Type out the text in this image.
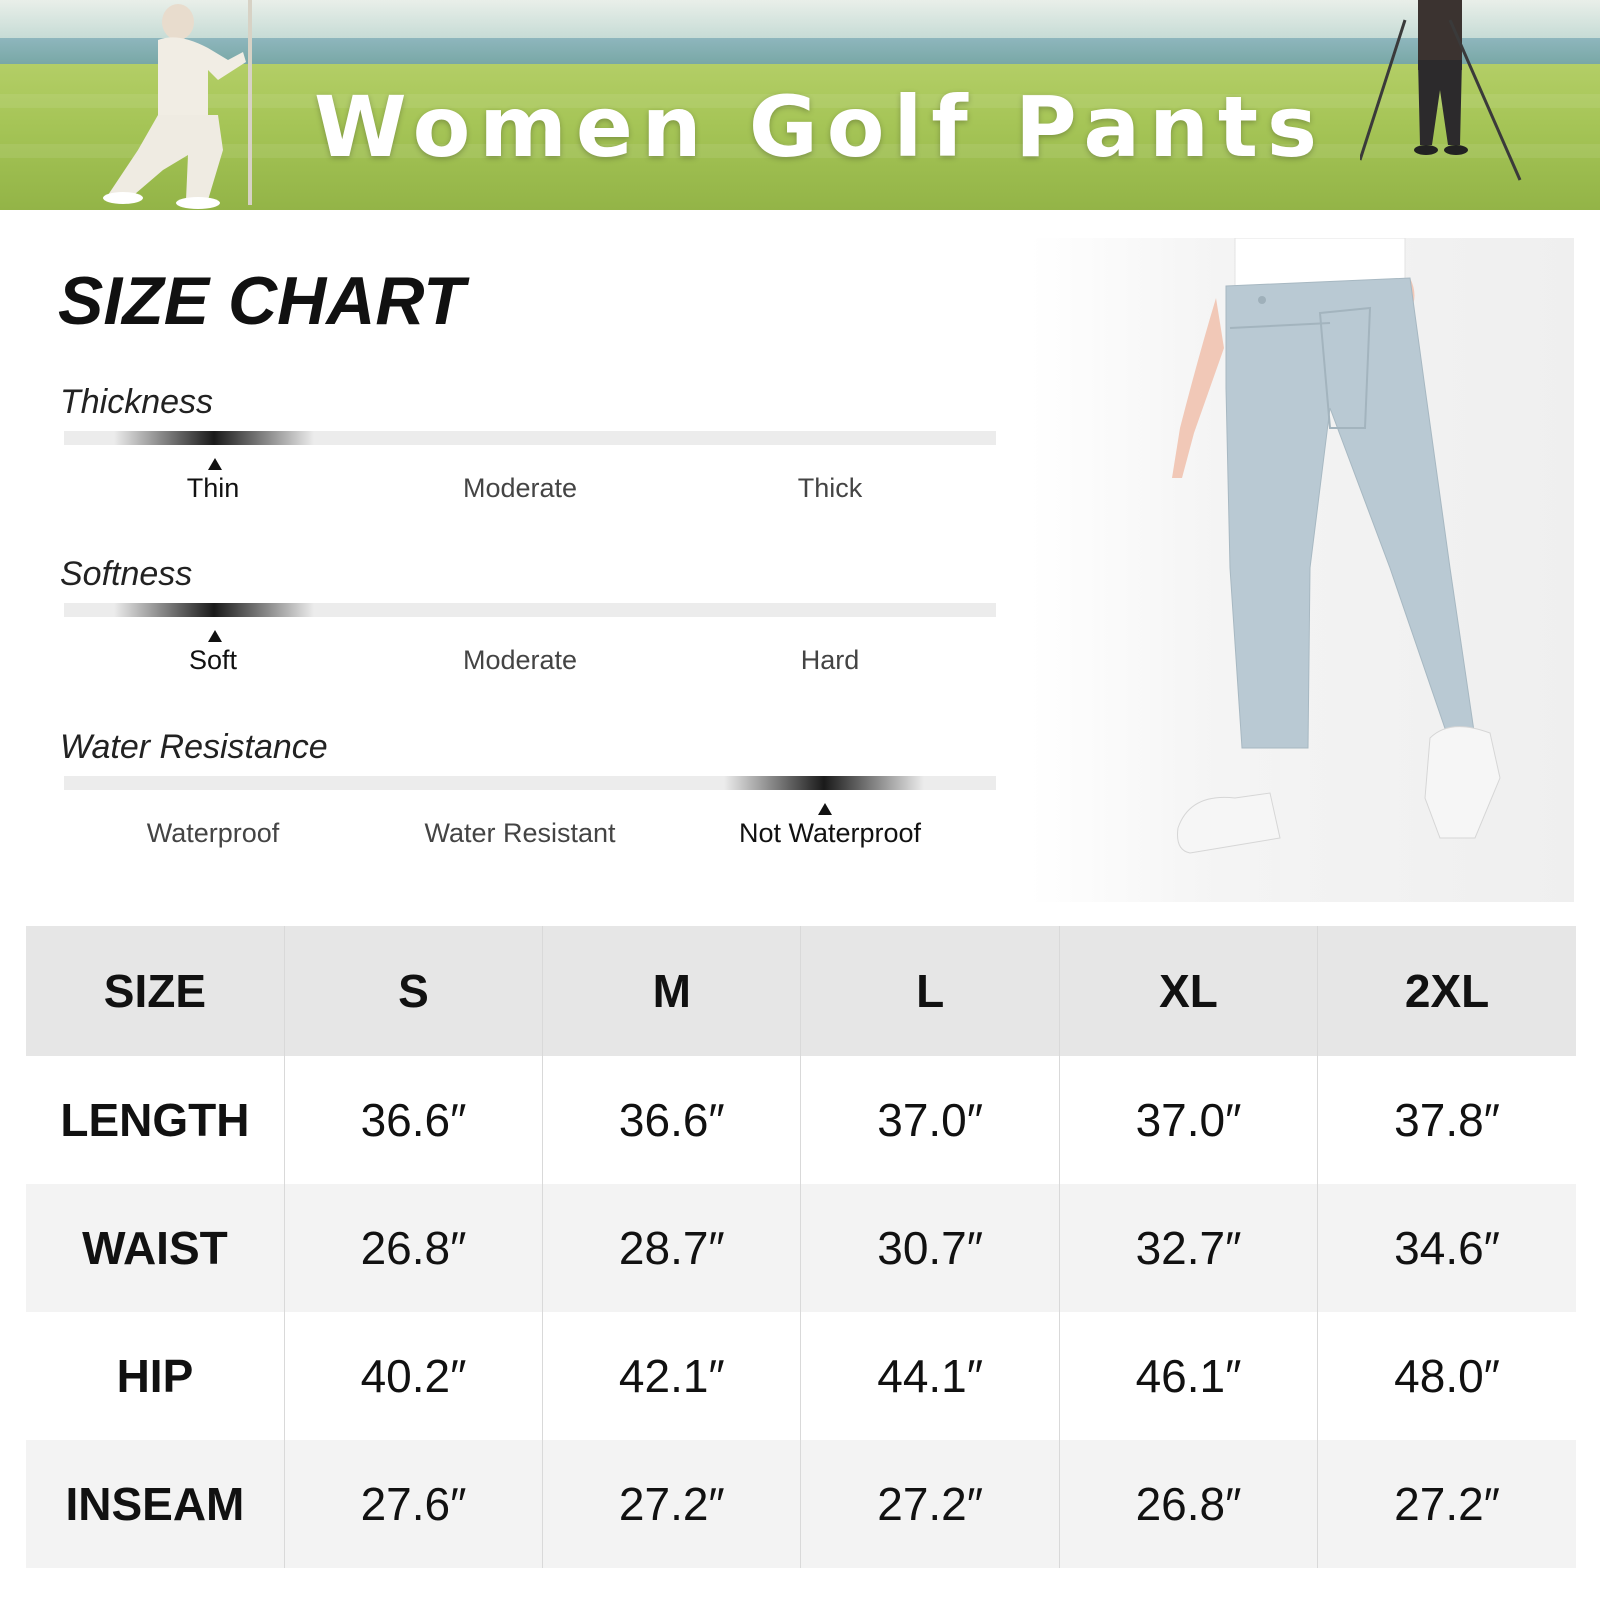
Women Golf Pants
SIZE CHART
Thickness
Thin	Moderate	Thick
Softness
Soft	Moderate	Hard
Water Resistance
Waterproof	Water Resistant	Not Waterproof
SIZE	S	M	L	XL	2XL
LENGTH	36.6″	36.6″	37.0″	37.0″	37.8″
WAIST	26.8″	28.7″	30.7″	32.7″	34.6″
HIP	40.2″	42.1″	44.1″	46.1″	48.0″
INSEAM	27.6″	27.2″	27.2″	26.8″	27.2″
